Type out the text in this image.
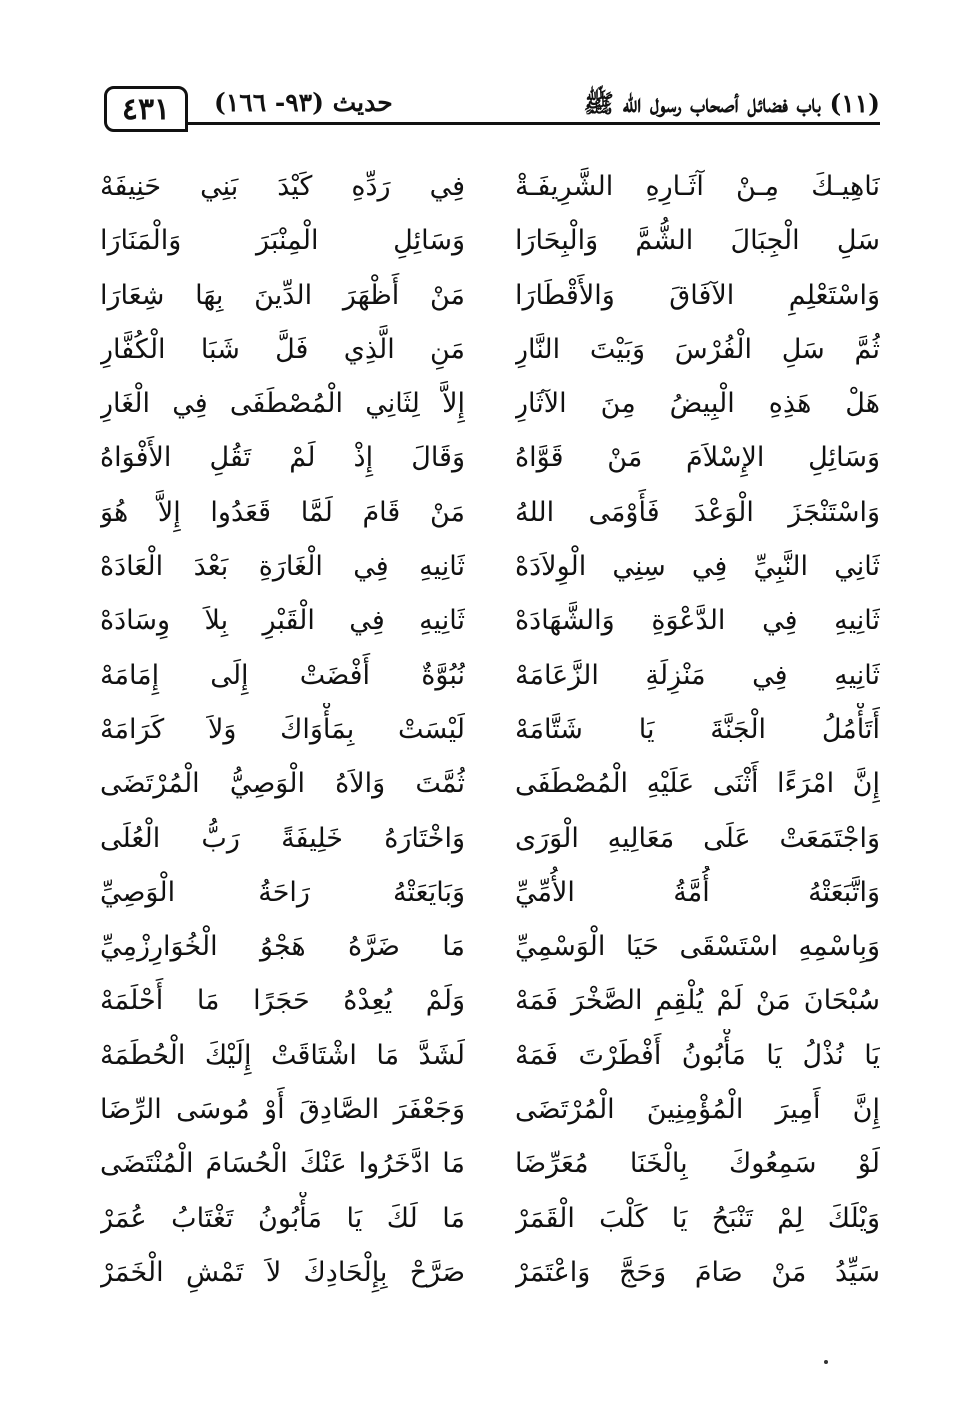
٤٣١ حديث (٩٣- ١٦٦)	(١١) باب فضائل أصحاب رسول الله ﷺ
نَاهِيـكَ مِـنْ آثَـارِهِ الشَّرِيفَـةْ
سَلِ الْجِبَالَ الشُّمَّ وَالْبِحَارَا
وَاسْتَعْلِمِ الآفَاقَ وَالأَقْطَارَا
ثُمَّ سَلِ الْفُرْسَ وَبَيْتَ النَّارِ
هَلْ هَذِهِ الْبِيضُ مِنَ الآثَارِ
وَسَائِلِ الإِسْلاَمَ مَنْ قَوَّاهُ
وَاسْتَنْجَزَ الْوَعْدَ فَأَوْمَى اللهُ
ثَانِي النَّبِيِّ فِي سِنِي الْوِلاَدَهْ
ثَانِيهِ فِي الدَّعْوَةِ وَالشَّهَادَهْ
ثَانِيهِ فِي مَنْزِلَةِ الزَّعَامَهْ
أَتَأْمُلُ الْجَنَّةَ يَا شَتَّامَهْ
إِنَّ امْرَءًا أَثْنَى عَلَيْهِ الْمُصْطَفَى
وَاجْتَمَعَتْ عَلَى مَعَالِيهِ الْوَرَى
وَاتَّبَعَتْهُ أُمَّةُ الأُمِّيِّ
وَبِاسْمِهِ اسْتَسْقَى حَيَا الْوَسْمِيِّ
سُبْحَانَ مَنْ لَمْ يُلْقِمِ الصَّخْرَ فَمَهْ
يَا نُذْلُ يَا مَأْبُونُ أَفْطَرْتَ فَمَهْ
إِنَّ أَمِيرَ الْمُؤْمِنِينَ الْمُرْتَضَى
لَوْ سَمِعُوكَ بِالْخَنَا مُعَرِّضَا
وَيْلَكَ لِمْ تَنْبَحُ يَا كَلْبَ الْقَمَرْ
سَيِّدُ مَنْ صَامَ وَحَجَّ وَاعْتَمَرْ
فِي رَدِّهِ كَيْدَ بَنِي حَنِيفَهْ
وَسَائِلِ الْمِنْبَرَ وَالْمَنَارَا
مَنْ أَظْهَرَ الدِّينَ بِهَا شِعَارَا
مَنِ الَّذِي فَلَّ شَبَا الْكُفَّارِ
إِلاَّ لِثَانِي الْمُصْطَفَى فِي الْغَارِ
وَقَالَ إِذْ لَمْ تَقُلِ الأَفْوَاهُ
مَنْ قَامَ لَمَّا قَعَدُوا إِلاَّ هُوَ
ثَانِيهِ فِي الْغَارَةِ بَعْدَ الْعَادَهْ
ثَانِيهِ فِي الْقَبْرِ بِلاَ وِسَادَهْ
نُبُوَّةٌ أَفْضَتْ إِلَى إِمَامَهْ
لَيْسَتْ بِمَأْوَاكَ وَلاَ كَرَامَهْ
ثُمَّتَ وَالاَهُ الْوَصِيُّ الْمُرْتَضَى
وَاخْتَارَهُ خَلِيفَةً رَبُّ الْعُلَى
وَبَايَعَتْهُ رَاحَةُ الْوَصِيِّ
مَا ضَرَّهُ هَجْوُ الْخُوَارِزْمِيِّ
وَلَمْ يُعِدْهُ حَجَرًا مَا أَحْلَمَهْ
لَشَدَّ مَا اشْتَاقَتْ إِلَيْكَ الْحُطَمَهْ
وَجَعْفَرَ الصَّادِقَ أَوْ مُوسَى الرِّضَا
مَا ادَّخَرُوا عَنْكَ الْحُسَامَ الْمُنْتَضَى
مَا لَكَ يَا مَأْبُونُ تَغْتَابُ عُمَرْ
صَرَّحْ بِإِلْحَادِكَ لاَ تَمْشِ الْخَمَرْ
